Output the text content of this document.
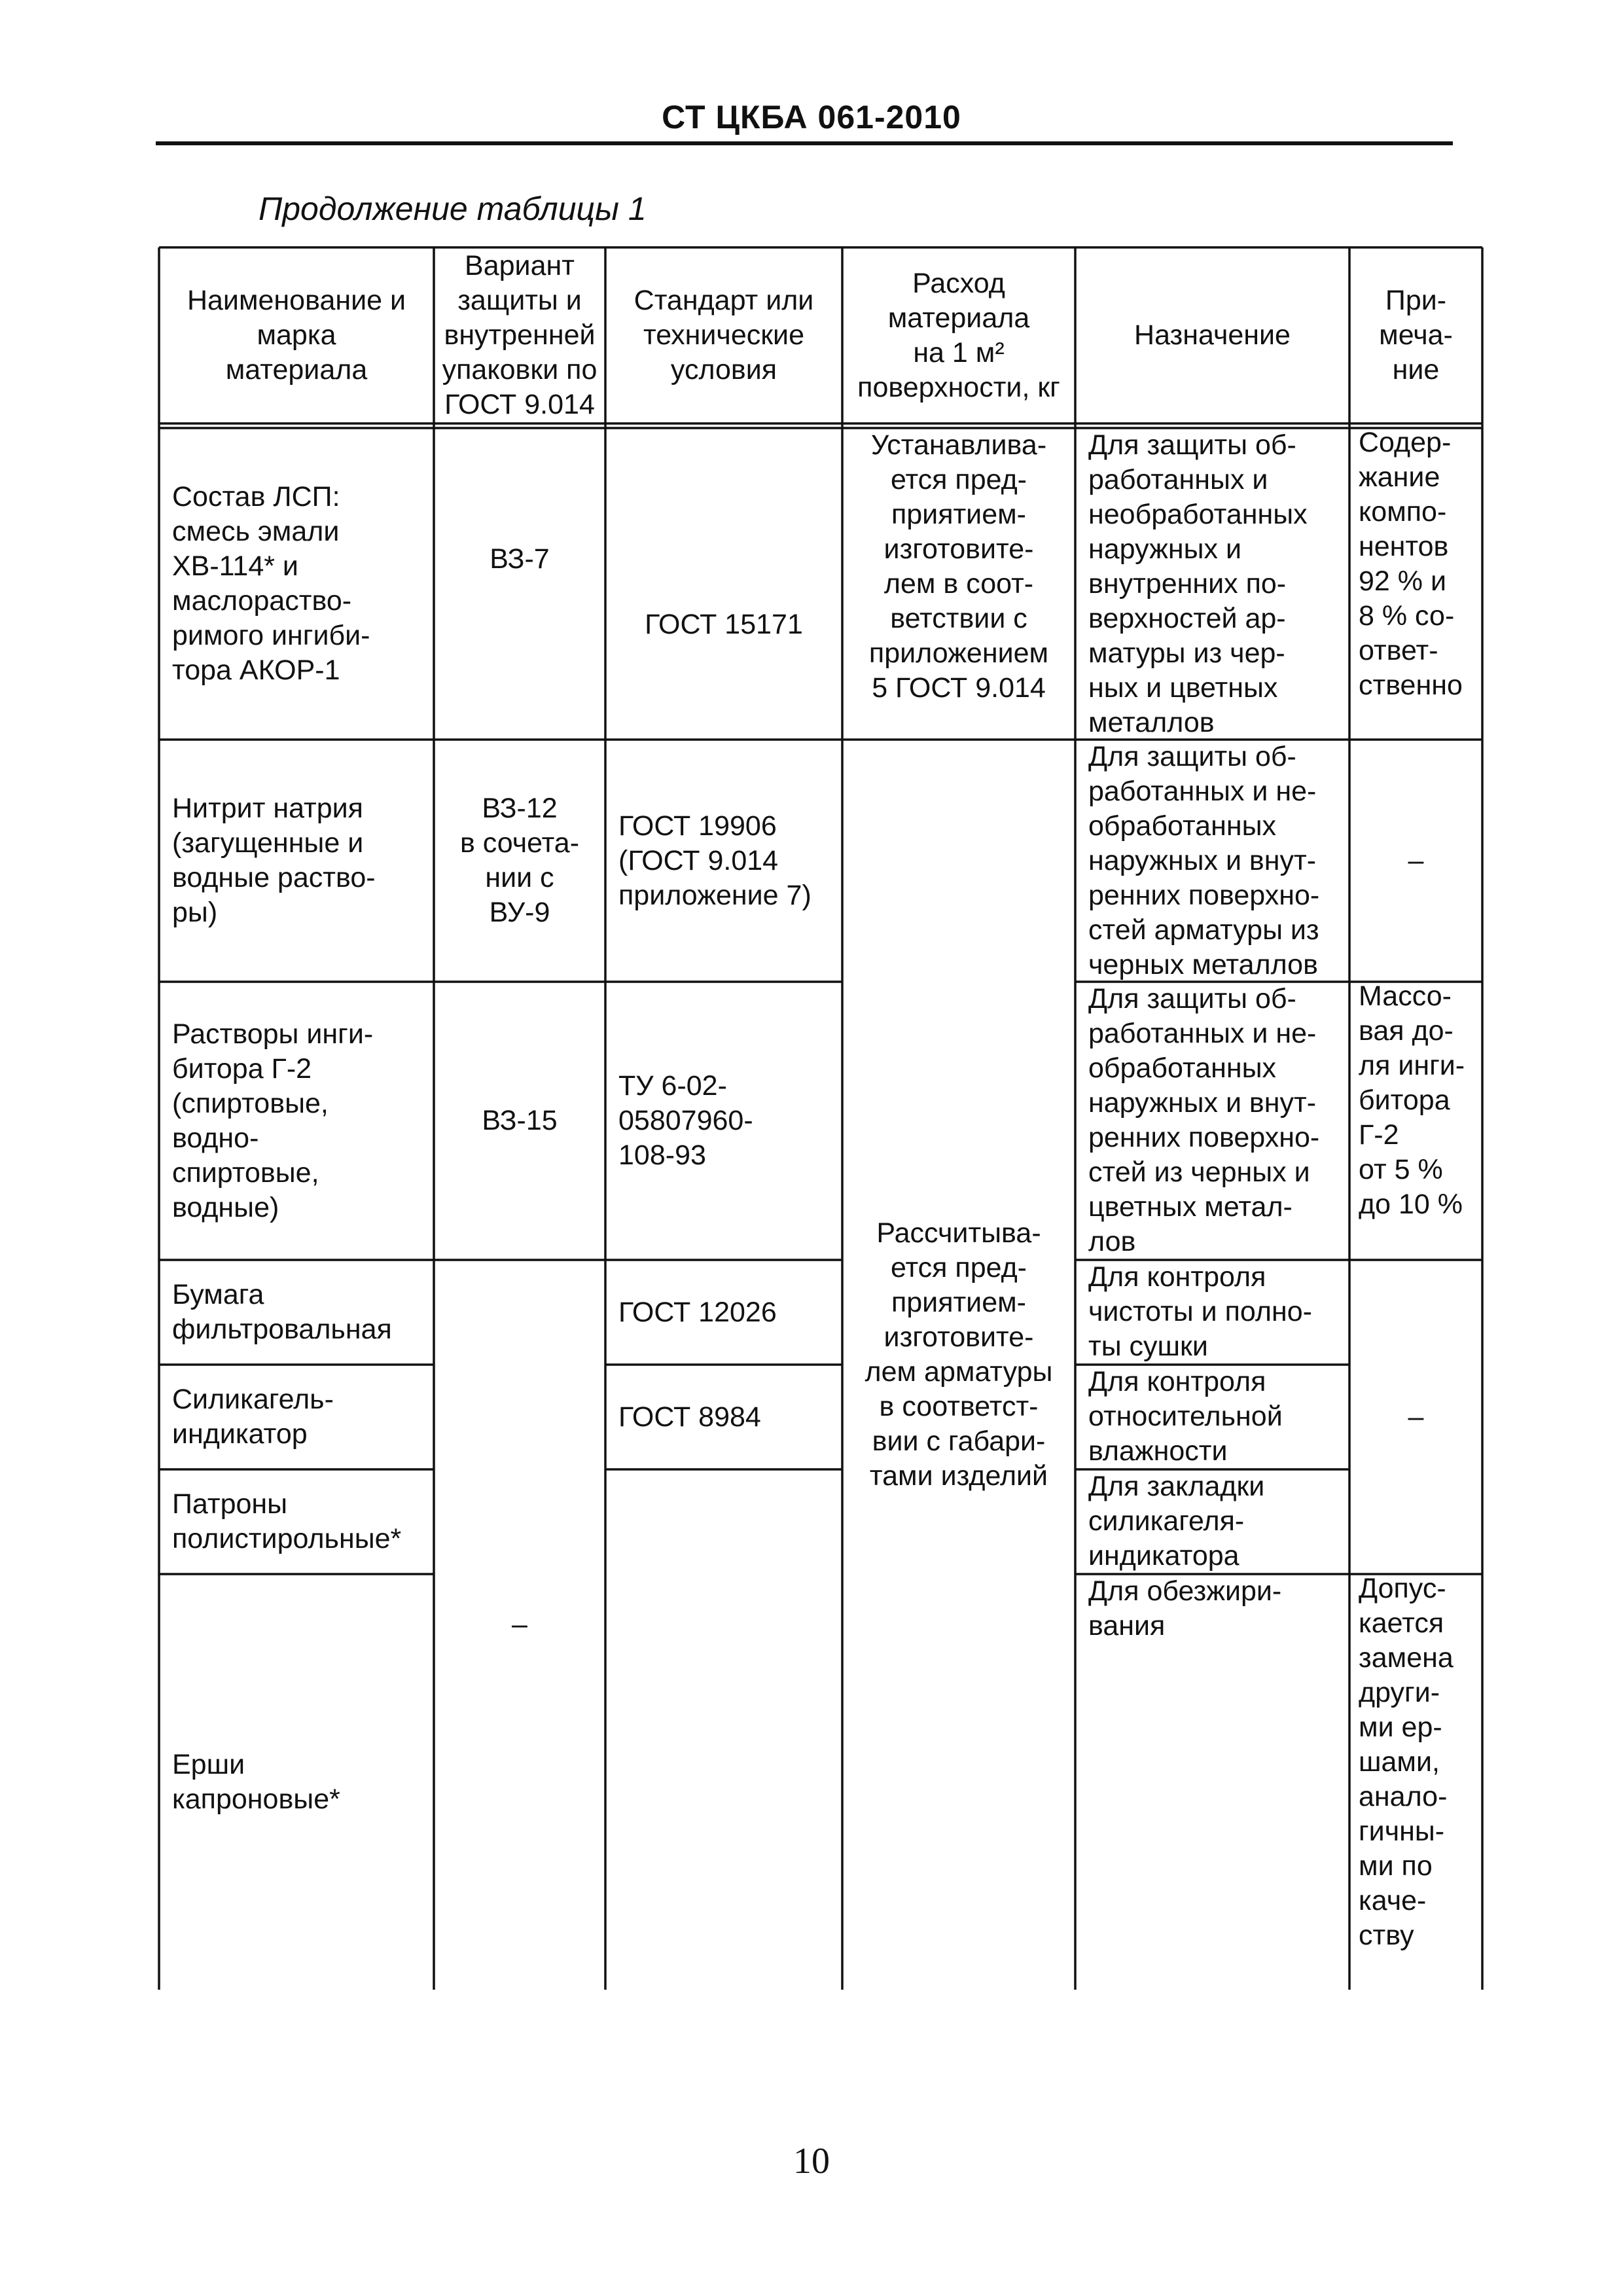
СТ ЦКБА 061-2010
Продолжение таблицы 1
Наименование и
марка
материала
Вариант
защиты и
внутренней
упаковки по
ГОСТ 9.014
Стандарт или
технические
условия
Расход
материала
на 1 м²
поверхности, кг
Назначение
При-
меча-
ние
Состав ЛСП:
смесь эмали
ХВ-114* и
маслораство-
римого ингиби-
тора АКОР-1
Нитрит натрия
(загущенные и
водные раство-
ры)
Растворы инги-
битора Г-2
(спиртовые,
водно-
спиртовые,
водные)
Бумага
фильтровальная
Силикагель-
индикатор
Патроны
полистирольные*
Ерши
капроновые*
ВЗ-7
ВЗ-12
в сочета-
нии с
ВУ-9
ВЗ-15
–
ГОСТ 15171
ГОСТ 19906
(ГОСТ 9.014
приложение 7)
ТУ 6-02-
05807960-
108-93
ГОСТ 12026
ГОСТ 8984
Устанавлива-
ется пред-
приятием-
изготовите-
лем в соот-
ветствии с
приложением
5 ГОСТ 9.014
Рассчитыва-
ется пред-
приятием-
изготовите-
лем арматуры
в соответст-
вии с габари-
тами изделий
Для защиты об-
работанных и
необработанных
наружных и
внутренних по-
верхностей ар-
матуры из чер-
ных и цветных
металлов
Для защиты об-
работанных и не-
обработанных
наружных и внут-
ренних поверхно-
стей арматуры из
черных металлов
Для защиты об-
работанных и не-
обработанных
наружных и внут-
ренних поверхно-
стей из черных и
цветных метал-
лов
Для контроля
чистоты и полно-
ты сушки
Для контроля
относительной
влажности
Для закладки
силикагеля-
индикатора
Для обезжири-
вания
Содер-
жание
компо-
нентов
92 % и
8 % со-
ответ-
ственно
–
Массо-
вая до-
ля инги-
битора
Г-2
от 5 %
до 10 %
–
Допус-
кается
замена
други-
ми ер-
шами,
анало-
гичны-
ми по
каче-
ству
10
